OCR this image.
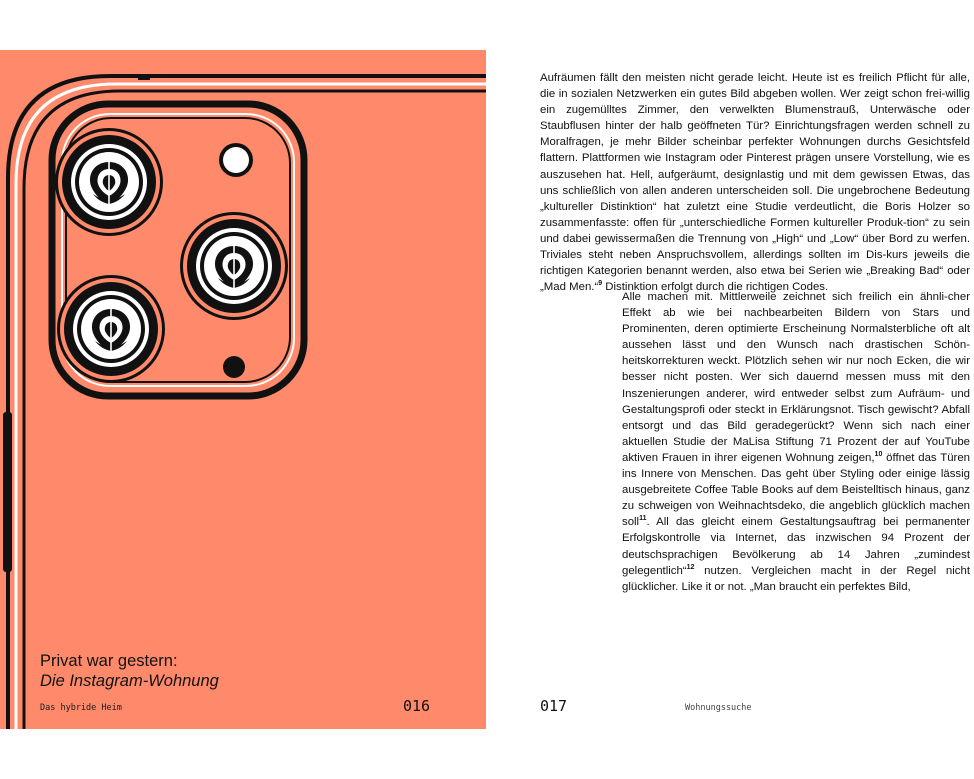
Privat war gestern:
Die Instagram-Wohnung
Das hybride Heim	016

Aufräumen fällt den meisten nicht gerade leicht. Heute ist es freilich Pflicht für alle, die in sozialen Netzwerken ein gutes Bild abgeben wollen. Wer zeigt schon frei-willig ein zugemülltes Zimmer, den verwelkten Blumenstrauß, Unterwäsche oder Staubflusen hinter der halb geöffneten Tür? Einrichtungsfragen werden schnell zu Moralfragen, je mehr Bilder scheinbar perfekter Wohnungen durchs Gesichtsfeld flattern. Plattformen wie Instagram oder Pinterest prägen unsere Vorstellung, wie es auszusehen hat. Hell, aufgeräumt, designlastig und mit dem gewissen Etwas, das uns schließlich von allen anderen unterscheiden soll. Die ungebrochene Bedeutung „kultureller Distinktion“ hat zuletzt eine Studie verdeutlicht, die Boris Holzer so zusammenfasste: offen für „unterschiedliche Formen kultureller Produk-tion“ zu sein und dabei gewissermaßen die Trennung von „High“ und „Low“ über Bord zu werfen. Triviales steht neben Anspruchsvollem, allerdings sollten im Dis-kurs jeweils die richtigen Kategorien benannt werden, also etwa bei Serien wie „Breaking Bad“ oder „Mad Men.“$^9$ Distinktion erfolgt durch die richtigen Codes.

Alle machen mit. Mittlerweile zeichnet sich freilich ein ähnli-cher Effekt ab wie bei nachbearbeiten Bildern von Stars und Prominenten, deren optimierte Erscheinung Normalsterbliche oft alt aussehen lässt und den Wunsch nach drastischen Schön-heitskorrekturen weckt. Plötzlich sehen wir nur noch Ecken, die wir besser nicht posten. Wer sich dauernd messen muss mit den Inszenierungen anderer, wird entweder selbst zum Aufräum- und Gestaltungsprofi oder steckt in Erklärungsnot. Tisch gewischt? Abfall entsorgt und das Bild geradegerückt? Wenn sich nach einer aktuellen Studie der MaLisa Stiftung 71 Prozent der auf YouTube aktiven Frauen in ihrer eigenen Wohnung zeigen,$^{10}$ öffnet das Türen ins Innere von Menschen. Das geht über Styling oder einige lässig ausgebreitete Coffee Table Books auf dem Beistelltisch hinaus, ganz zu schweigen von Weihnachtsdeko, die angeblich glücklich machen soll$^{11}$. All das gleicht einem Gestaltungsauftrag bei permanenter Erfolgskontrolle via Internet, das inzwischen 94 Prozent der deutschsprachigen Bevölkerung ab 14 Jahren „zumindest gelegentlich“$^{12}$ nutzen. Vergleichen macht in der Regel nicht glücklicher. Like it or not. „Man braucht ein perfektes Bild,

017	Wohnungssuche
